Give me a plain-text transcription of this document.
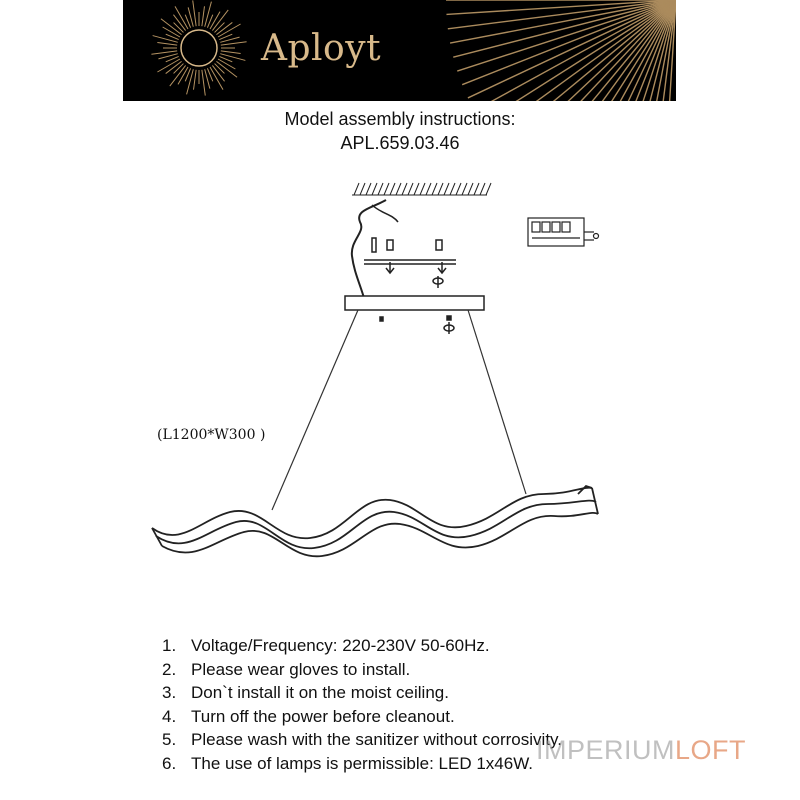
Aployt
Model assembly instructions:
APL.659.03.46
(L1200*W300 )
1. Voltage/Frequency: 220-230V 50-60Hz.
2. Please wear gloves to install.
3. Don`t install it on the moist ceiling.
4. Turn off the power before cleanout.
5. Please wash with the sanitizer without corrosivity.
6. The use of lamps is permissible: LED 1x46W. IMPERIUMLOFT
